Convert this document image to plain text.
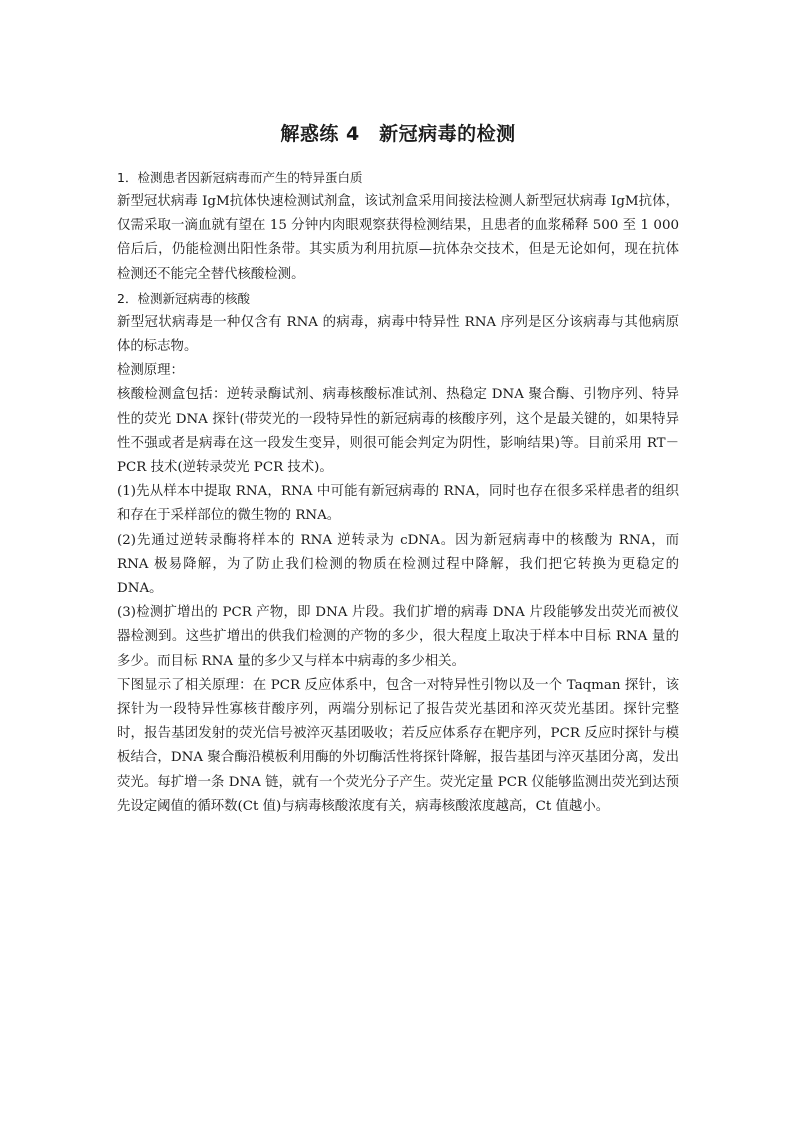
解惑练 4　新冠病毒的检测

1．检测患者因新冠病毒而产生的特异蛋白质

新型冠状病毒 IgM抗体快速检测试剂盒，该试剂盒采用间接法检测人新型冠状病毒 IgM抗体，仅需采取一滴血就有望在 15 分钟内肉眼观察获得检测结果，且患者的血浆稀释 500 至 1 000 倍后后，仍能检测出阳性条带。其实质为利用抗原—抗体杂交技术，但是无论如何，现在抗体检测还不能完全替代核酸检测。

2．检测新冠病毒的核酸

新型冠状病毒是一种仅含有 RNA 的病毒，病毒中特异性 RNA 序列是区分该病毒与其他病原体的标志物。

检测原理：

核酸检测盒包括：逆转录酶试剂、病毒核酸标准试剂、热稳定 DNA 聚合酶、引物序列、特异性的荧光 DNA 探针(带荧光的一段特异性的新冠病毒的核酸序列，这个是最关键的，如果特异性不强或者是病毒在这一段发生变异，则很可能会判定为阴性，影响结果)等。目前采用 RT－PCR 技术(逆转录荧光 PCR 技术)。

(1)先从样本中提取 RNA，RNA 中可能有新冠病毒的 RNA，同时也存在很多采样患者的组织和存在于采样部位的微生物的 RNA。

(2)先通过逆转录酶将样本的 RNA 逆转录为 cDNA。因为新冠病毒中的核酸为 RNA，而 RNA 极易降解，为了防止我们检测的物质在检测过程中降解，我们把它转换为更稳定的 DNA。

(3)检测扩增出的 PCR 产物，即 DNA 片段。我们扩增的病毒 DNA 片段能够发出荧光而被仪器检测到。这些扩增出的供我们检测的产物的多少，很大程度上取决于样本中目标 RNA 量的多少。而目标 RNA 量的多少又与样本中病毒的多少相关。

下图显示了相关原理：在 PCR 反应体系中，包含一对特异性引物以及一个 Taqman 探针，该探针为一段特异性寡核苷酸序列，两端分别标记了报告荧光基团和淬灭荧光基团。探针完整时，报告基团发射的荧光信号被淬灭基团吸收；若反应体系存在靶序列，PCR 反应时探针与模板结合，DNA 聚合酶沿模板利用酶的外切酶活性将探针降解，报告基团与淬灭基团分离，发出荧光。每扩增一条 DNA 链，就有一个荧光分子产生。荧光定量 PCR 仪能够监测出荧光到达预先设定阈值的循环数(Ct 值)与病毒核酸浓度有关，病毒核酸浓度越高，Ct 值越小。
